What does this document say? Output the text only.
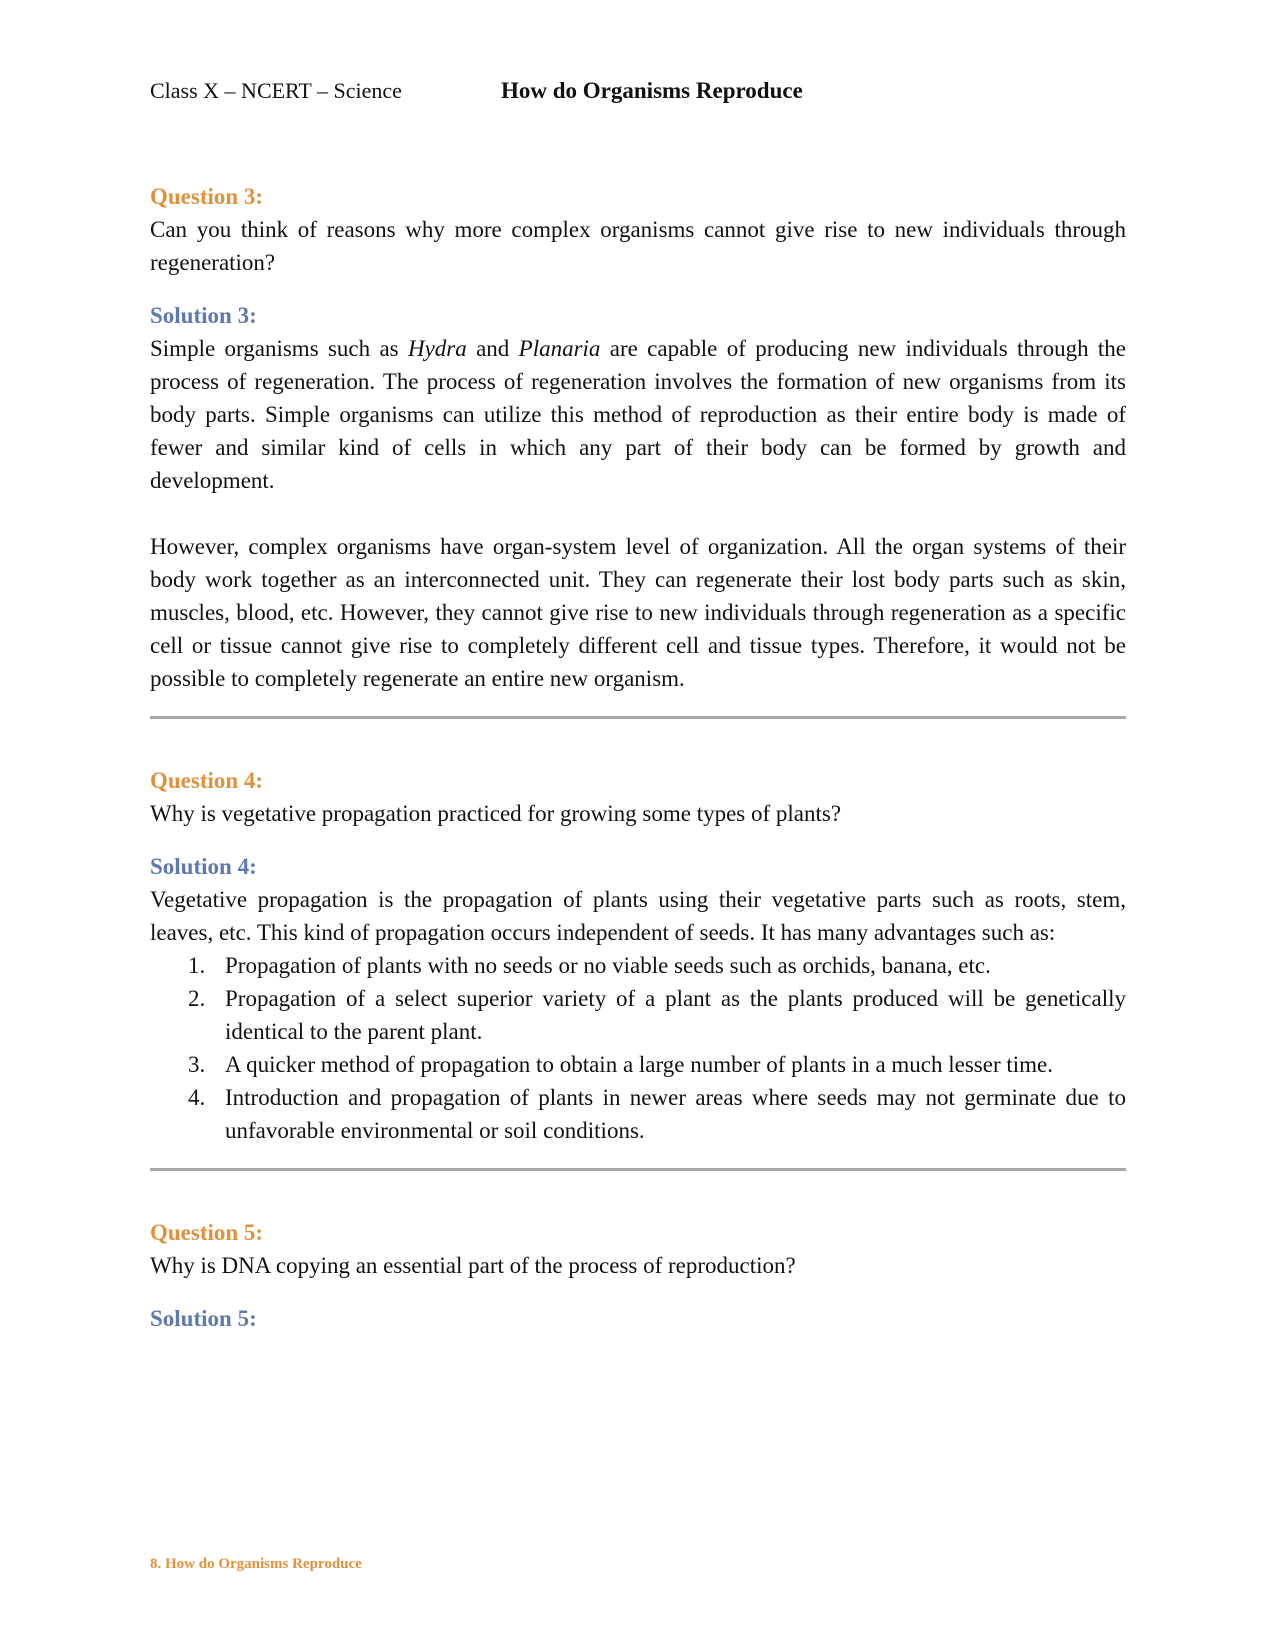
Class X – NCERT – Science	How do Organisms Reproduce
Question 3:

Can you think of reasons why more complex organisms cannot give rise to new individuals through regeneration?

Solution 3:

Simple organisms such as Hydra and Planaria are capable of producing new individuals through the process of regeneration. The process of regeneration involves the formation of new organisms from its body parts. Simple organisms can utilize this method of reproduction as their entire body is made of fewer and similar kind of cells in which any part of their body can be formed by growth and development.

However, complex organisms have organ-system level of organization. All the organ systems of their body work together as an interconnected unit. They can regenerate their lost body parts such as skin, muscles, blood, etc. However, they cannot give rise to new individuals through regeneration as a specific cell or tissue cannot give rise to completely different cell and tissue types. Therefore, it would not be possible to completely regenerate an entire new organism.

Question 4:

Why is vegetative propagation practiced for growing some types of plants?

Solution 4:

Vegetative propagation is the propagation of plants using their vegetative parts such as roots, stem, leaves, etc. This kind of propagation occurs independent of seeds. It has many advantages such as:

1. Propagation of plants with no seeds or no viable seeds such as orchids, banana, etc.
2. Propagation of a select superior variety of a plant as the plants produced will be genetically identical to the parent plant.
3. A quicker method of propagation to obtain a large number of plants in a much lesser time.
4. Introduction and propagation of plants in newer areas where seeds may not germinate due to unfavorable environmental or soil conditions.
Question 5:

Why is DNA copying an essential part of the process of reproduction?

Solution 5:
8. How do Organisms Reproduce
